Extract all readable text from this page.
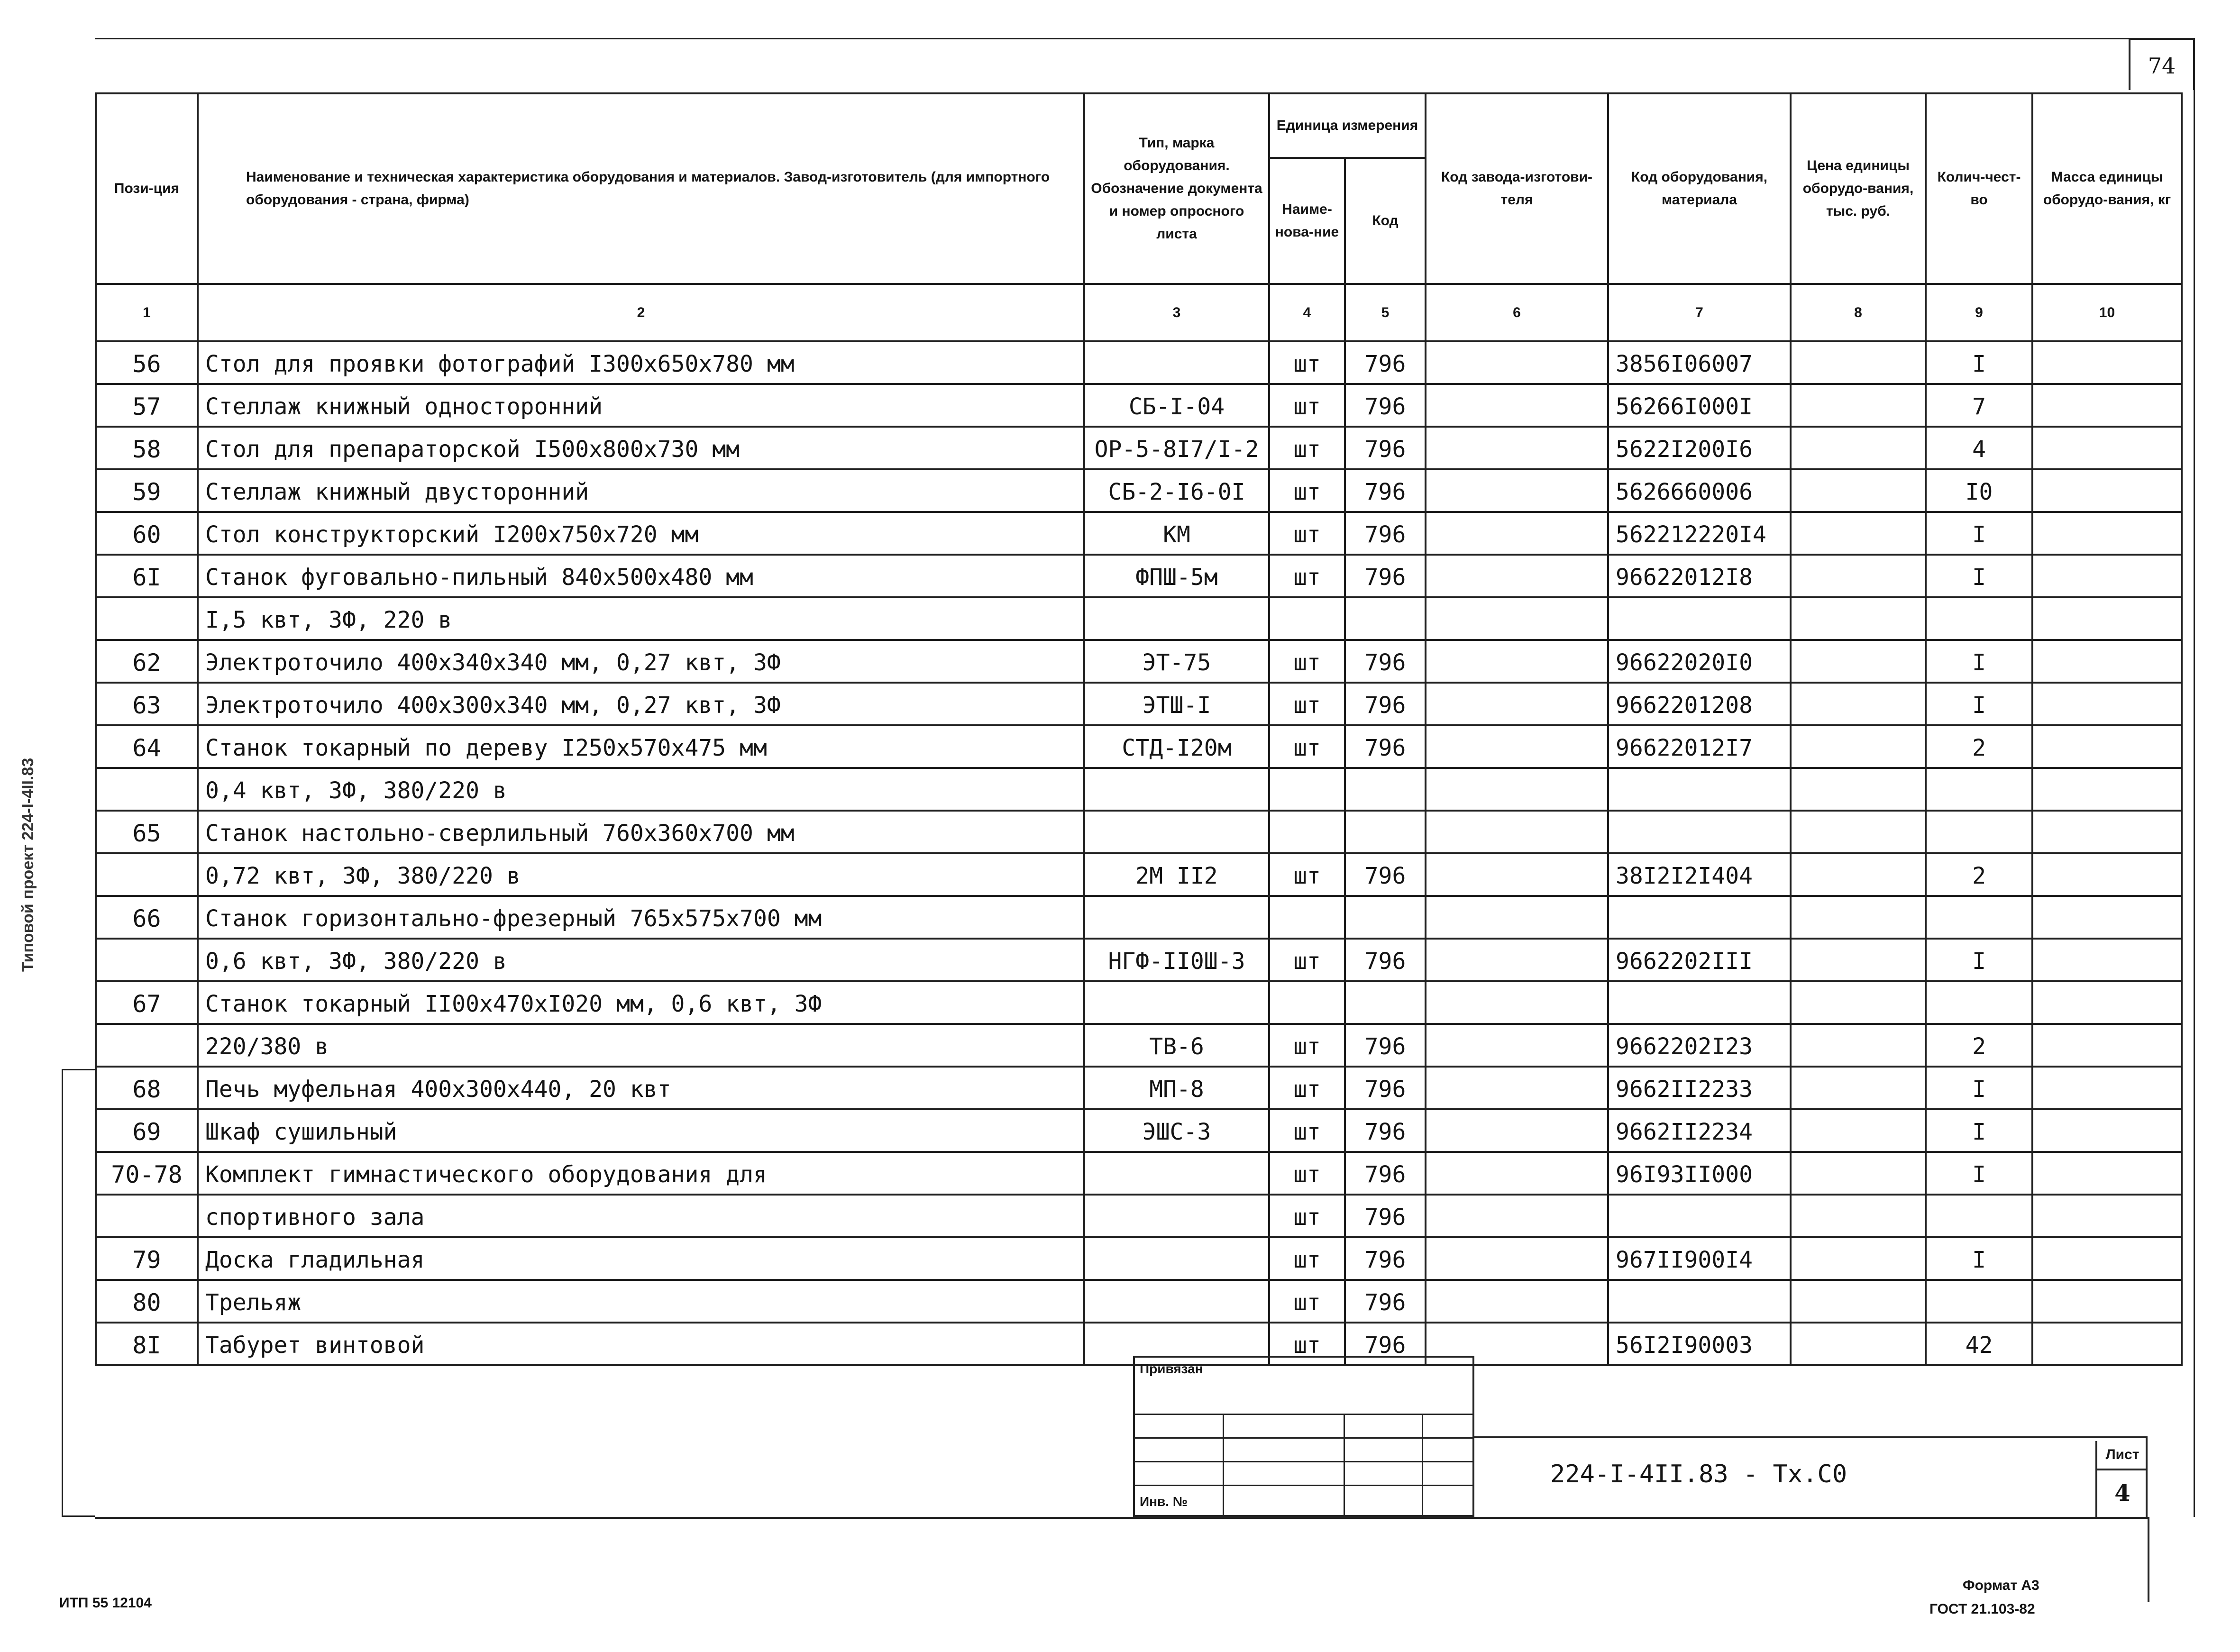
74
Типовой проект 224-I-4II.83
Пози-ция	Наименование и техническая характеристика оборудования и материалов. Завод-изготовитель (для импортного оборудования - страна, фирма)	Тип, марка оборудования. Обозначение документа и номер опросного листа	Единица измерения		Код завода-изготови-теля	Код оборудования, материала	Цена единицы оборудо-вания, тыс. руб.	Колич-чест-во	Масса единицы оборудо-вания, кг
			Наиме-нова-ние	Код					
1	2	3	4	5	6	7	8	9	10
56	Стол для проявки фотографий I300x650x780 мм		шт	796		3856I06007		I	
57	Стеллаж книжный односторонний	СБ-I-04	шт	796		56266I000I		7	
58	Стол для препараторской I500x800x730 мм	ОР-5-8I7/I-2	шт	796		5622I200I6		4	
59	Стеллаж книжный двусторонний	СБ-2-I6-0I	шт	796		5626660006		I0	
60	Стол конструкторский I200x750x720 мм	КМ	шт	796		562212220I4		I	
6I	Станок фуговально-пильный 840x500x480 мм	ФПШ-5м	шт	796		96622012I8		I	
	I,5 квт, 3Ф, 220 в								
62	Электроточило 400x340x340 мм, 0,27 квт, 3Ф	ЭТ-75	шт	796		96622020I0		I	
63	Электроточило 400x300x340 мм, 0,27 квт, 3Ф	ЭТШ-I	шт	796		9662201208		I	
64	Станок токарный по дереву I250x570x475 мм	СТД-I20м	шт	796		96622012I7		2	
	0,4 квт, 3Ф, 380/220 в								
65	Станок настольно-сверлильный 760x360x700 мм								
	0,72 квт, 3Ф, 380/220 в	2М II2	шт	796		38I2I2I404		2	
66	Станок горизонтально-фрезерный 765x575x700 мм								
	0,6 квт, 3Ф, 380/220 в	НГФ-II0Ш-3	шт	796		9662202III		I	
67	Станок токарный II00x470xI020 мм, 0,6 квт, 3Ф								
	220/380 в	ТВ-6	шт	796		9662202I23		2	
68	Печь муфельная 400x300x440, 20 квт	МП-8	шт	796		9662II2233		I	
69	Шкаф сушильный	ЭШС-3	шт	796		9662II2234		I	
70-78	Комплект гимнастического оборудования для		шт	796		96I93II000		I	
	спортивного зала		шт	796					
79	Доска гладильная		шт	796		967II900I4		I	
80	Трельяж		шт	796					
8I	Табурет винтовой		шт	796		56I2I90003		42	
Привязан
Инв. №
224-I-4II.83 - Тх.С0
Лист
4
ИТП 55 12104
Формат А3
ГОСТ 21.103-82
